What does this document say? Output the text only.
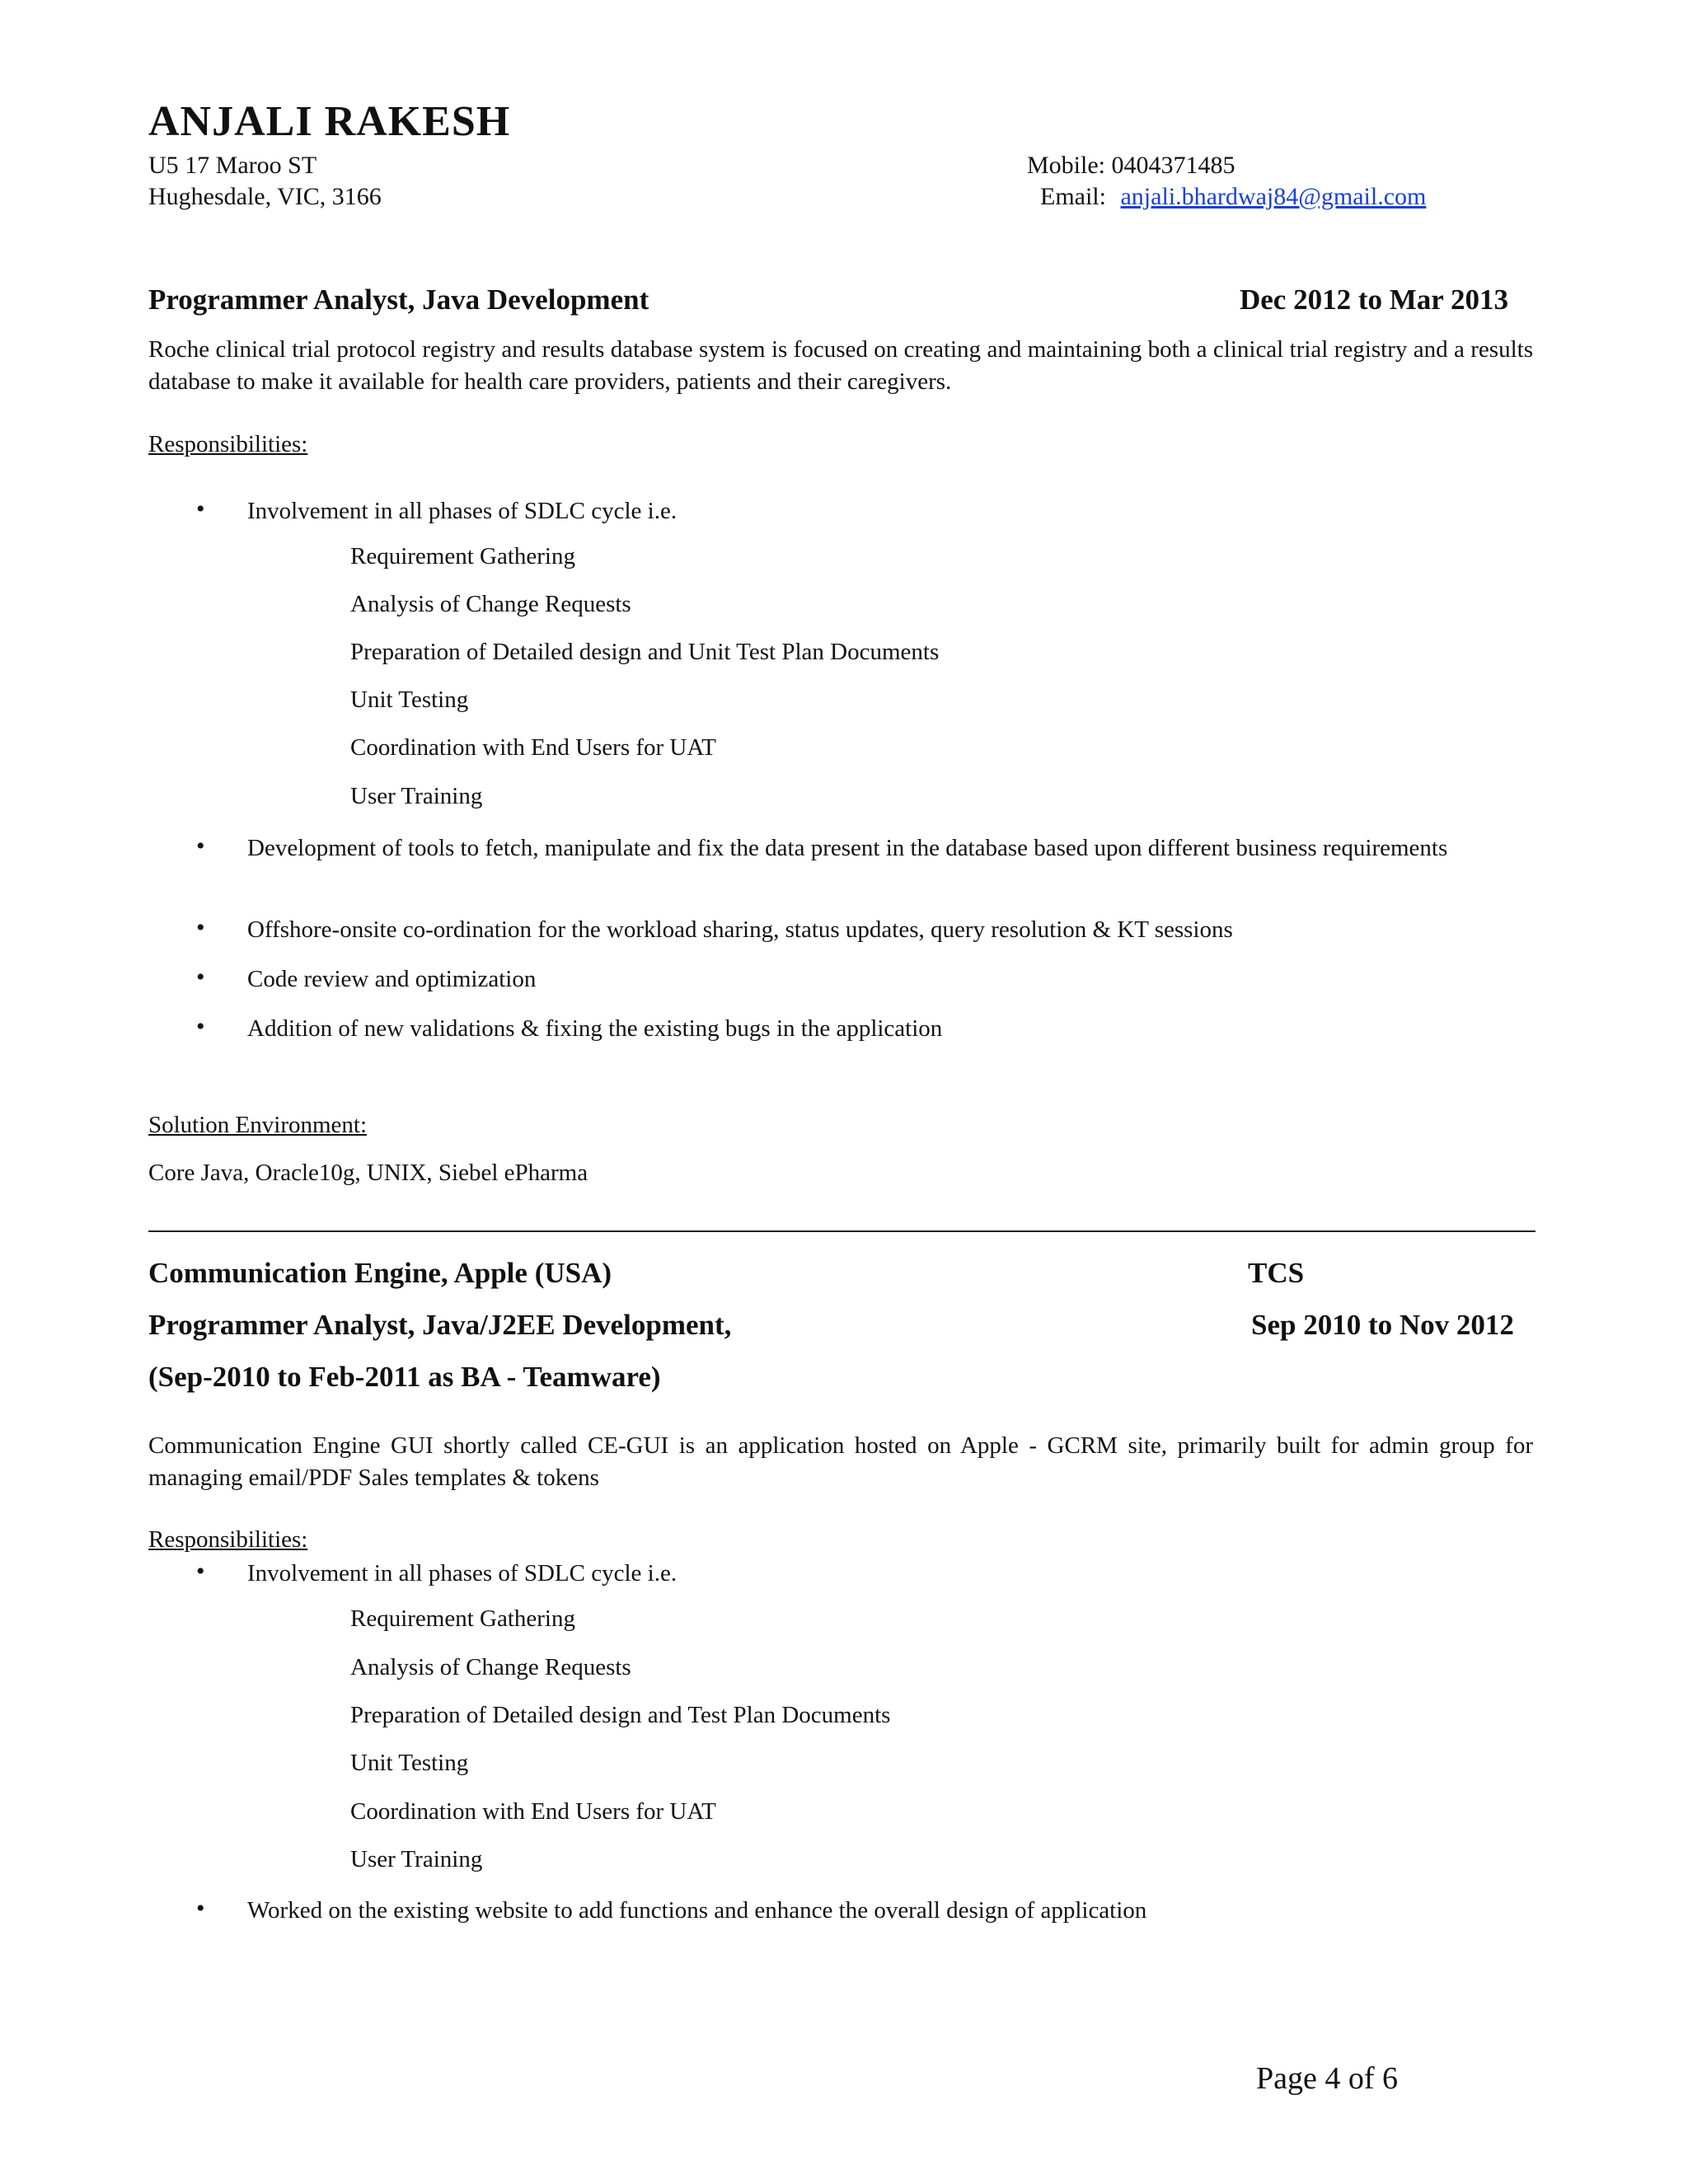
ANJALI RAKESH
U5 17 Maroo ST
Hughesdale, VIC, 3166
Mobile: 0404371485
Email: anjali.bhardwaj84@gmail.com
Programmer Analyst, Java Development	Dec 2012 to Mar 2013
Roche clinical trial protocol registry and results database system is focused on creating and maintaining both a clinical trial registry and a results database to make it available for health care providers, patients and their caregivers.
Responsibilities:
• Involvement in all phases of SDLC cycle i.e.
Requirement Gathering
Analysis of Change Requests
Preparation of Detailed design and Unit Test Plan Documents
Unit Testing
Coordination with End Users for UAT
User Training
• Development of tools to fetch, manipulate and fix the data present in the database based upon different business requirements
• Offshore-onsite co-ordination for the workload sharing, status updates, query resolution & KT sessions
• Code review and optimization
• Addition of new validations & fixing the existing bugs in the application
Solution Environment:
Core Java, Oracle10g, UNIX, Siebel ePharma
Communication Engine, Apple (USA)	TCS
Programmer Analyst, Java/J2EE Development,	Sep 2010 to Nov 2012
(Sep-2010 to Feb-2011 as BA - Teamware)
Communication Engine GUI shortly called CE-GUI is an application hosted on Apple - GCRM site, primarily built for admin group for managing email/PDF Sales templates & tokens
Responsibilities:
• Involvement in all phases of SDLC cycle i.e.
Requirement Gathering
Analysis of Change Requests
Preparation of Detailed design and Test Plan Documents
Unit Testing
Coordination with End Users for UAT
User Training
• Worked on the existing website to add functions and enhance the overall design of application
Page 4 of 6
